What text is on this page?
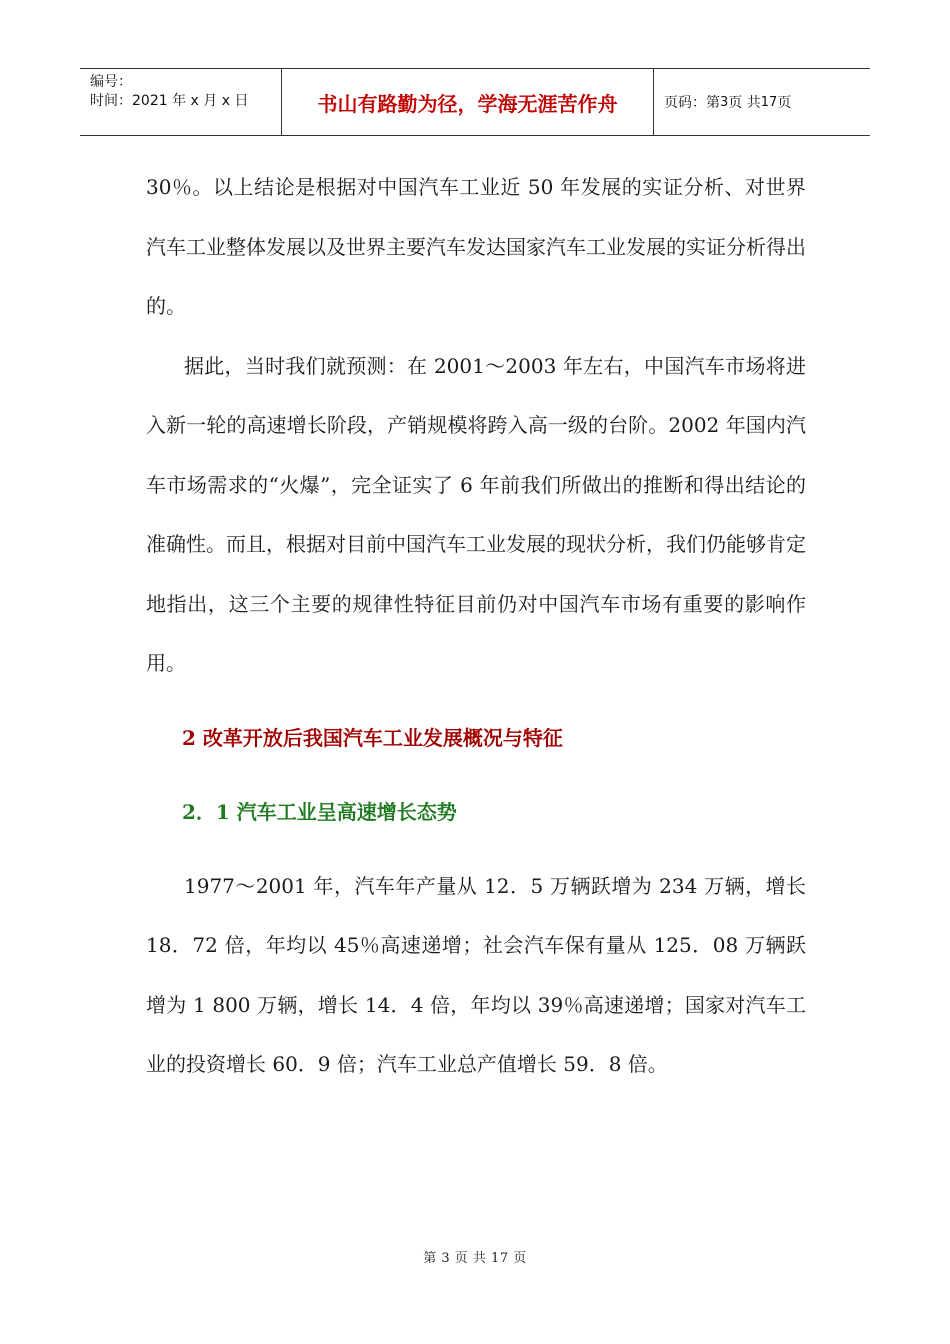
编号：
时间：2021 年 x 月 x 日	书山有路勤为径，学海无涯苦作舟	页码：第 3 页 共 17 页

30％。以上结论是根据对中国汽车工业近 50 年发展的实证分析、对世界汽车工业整体发展以及世界主要汽车发达国家汽车工业发展的实证分析得出的。

据此，当时我们就预测：在 2001～2003 年左右，中国汽车市场将进入新一轮的高速增长阶段，产销规模将跨入高一级的台阶。2002 年国内汽车市场需求的“火爆”，完全证实了 6 年前我们所做出的推断和得出结论的准确性。而且，根据对目前中国汽车工业发展的现状分析，我们仍能够肯定地指出，这三个主要的规律性特征目前仍对中国汽车市场有重要的影响作用。

2 改革开放后我国汽车工业发展概况与特征

2．1 汽车工业呈高速增长态势

1977～2001 年，汽车年产量从 12．5 万辆跃增为 234 万辆，增长 18．72 倍，年均以 45％高速递增；社会汽车保有量从 125．08 万辆跃增为 1 800 万辆，增长 14．4 倍，年均以 39％高速递增；国家对汽车工业的投资增长 60．9 倍；汽车工业总产值增长 59．8 倍。

第 3 页 共 17 页
